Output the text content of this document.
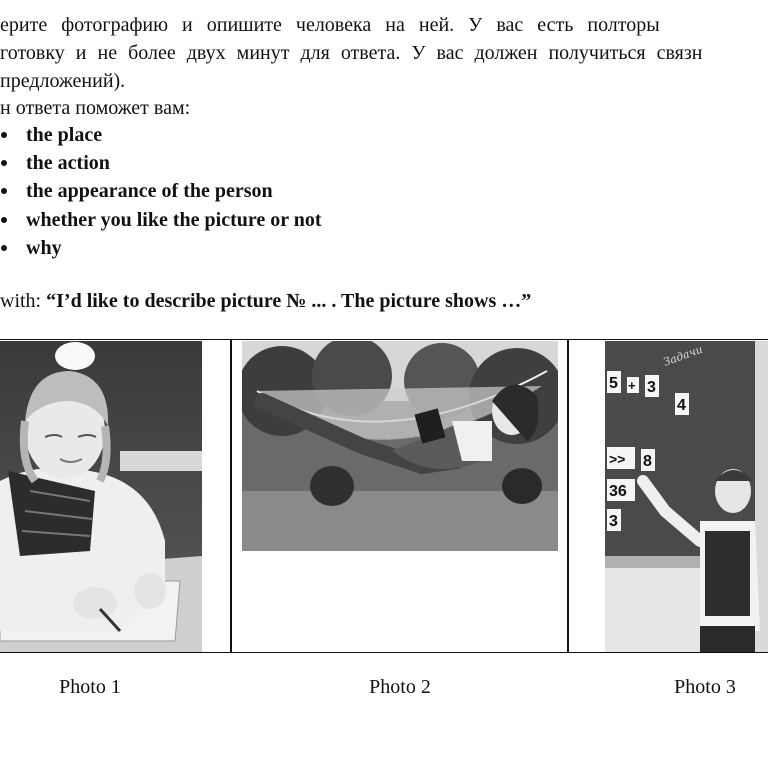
ерите фотографию и опишите человека на ней. У вас есть полторы
готовку и не более двух минут для ответа. У вас должен получиться связн
предложений).
н ответа поможет вам:
the place
the action
the appearance of the person
whether you like the picture or not
why
with: “I’d like to describe picture № ... . The picture shows …”
5 + 3
4
>> 8
36
3
Задачи
Photo 1	Photo 2	Photo 3
